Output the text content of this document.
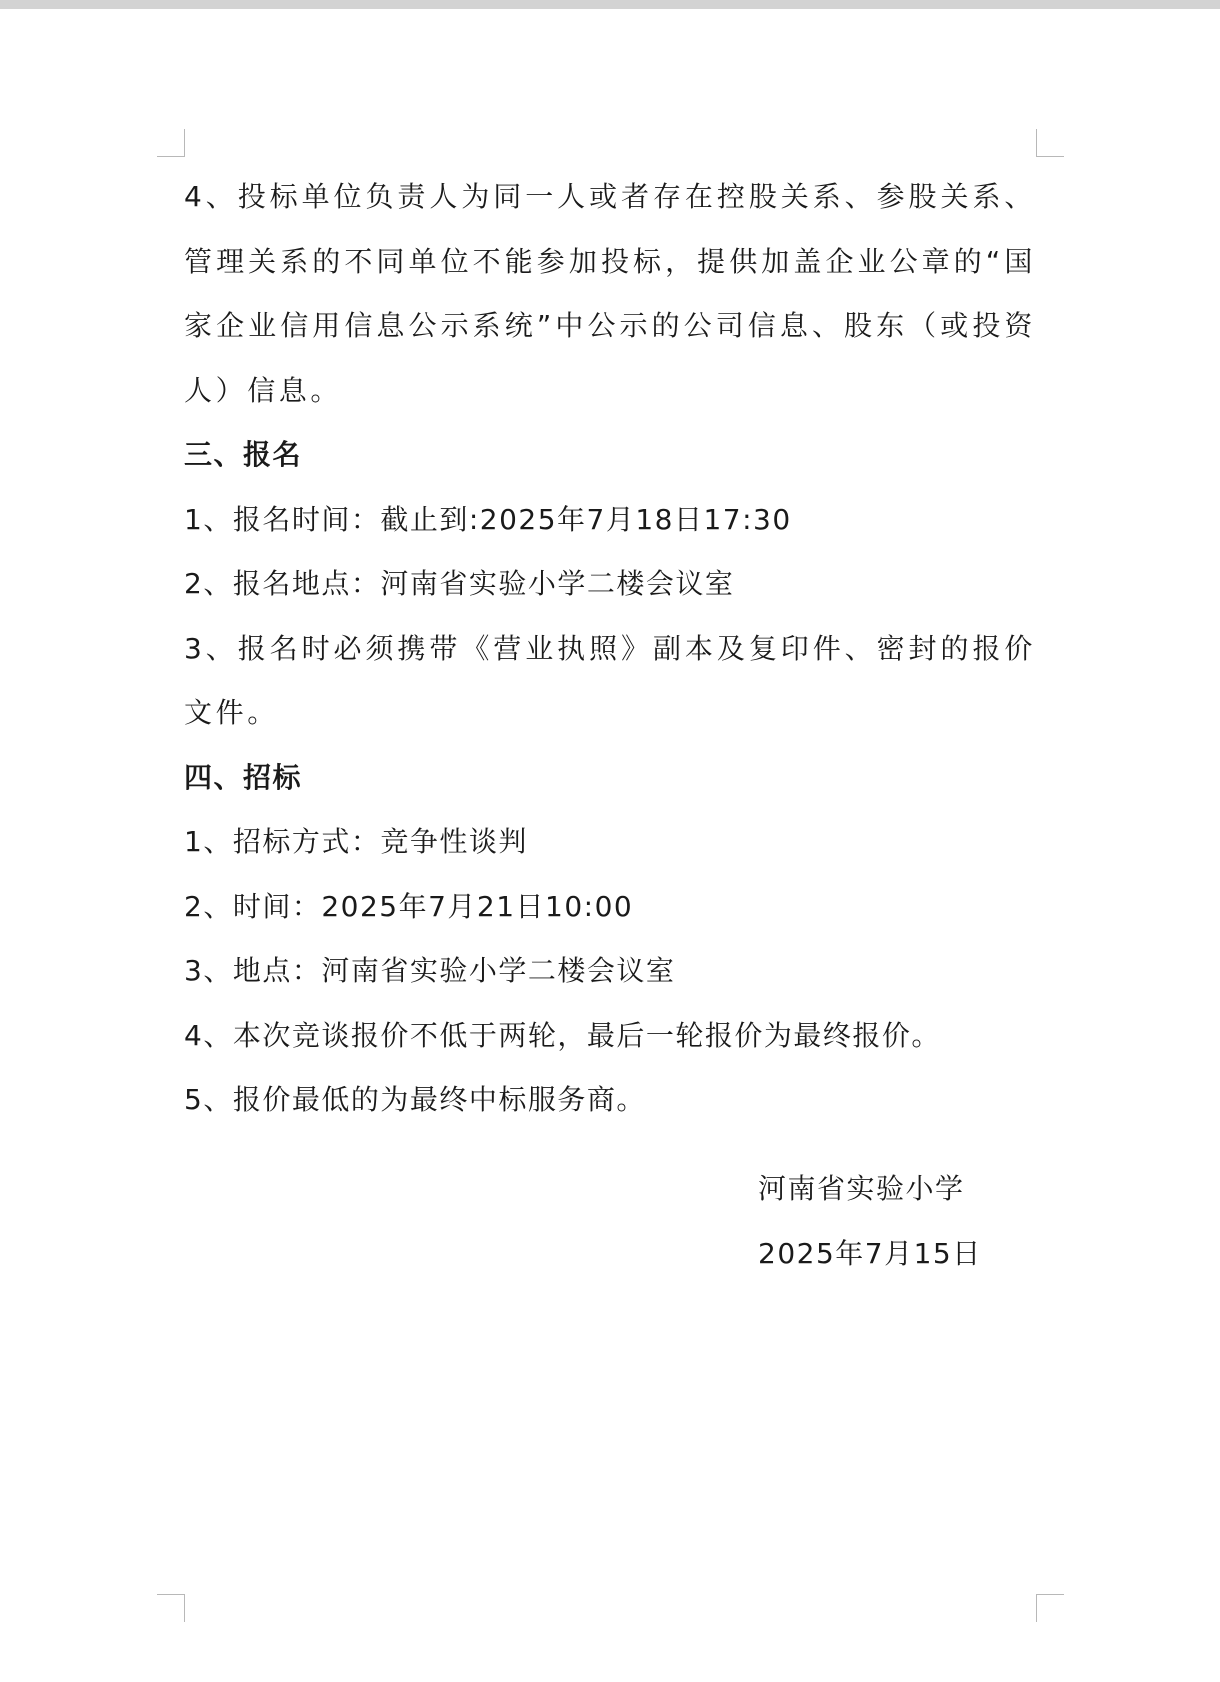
4、投标单位负责人为同一人或者存在控股关系、参股关系、管理关系的不同单位不能参加投标，提供加盖企业公章的“国家企业信用信息公示系统”中公示的公司信息、股东（或投资人）信息。
三、报名
1、报名时间：截止到:2025年7月18日17:30
2、报名地点：河南省实验小学二楼会议室
3、报名时必须携带《营业执照》副本及复印件、密封的报价文件。
四、招标
1、招标方式：竞争性谈判
2、时间：2025年7月21日10:00
3、地点：河南省实验小学二楼会议室
4、本次竞谈报价不低于两轮，最后一轮报价为最终报价。
5、报价最低的为最终中标服务商。
河南省实验小学
2025年7月15日
